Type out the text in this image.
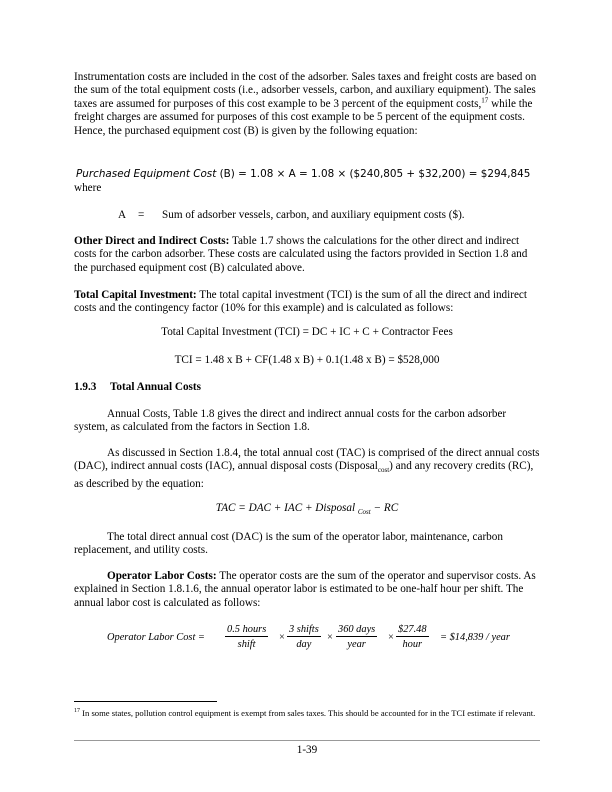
Instrumentation costs are included in the cost of the adsorber. Sales taxes and freight costs are based on the sum of the total equipment costs (i.e., adsorber vessels, carbon, and auxiliary equipment). The sales taxes are assumed for purposes of this cost example to be 3 percent of the equipment costs,$^{17}$ while the freight charges are assumed for purposes of this cost example to be 5 percent of the equipment costs. Hence, the purchased equipment cost (B) is given by the following equation:

Purchased Equipment Cost (B) = 1.08 × A = 1.08 × ($240,805 + $32,200) = $294,845
where
A = Sum of adsorber vessels, carbon, and auxiliary equipment costs ($).

Other Direct and Indirect Costs: Table 1.7 shows the calculations for the other direct and indirect costs for the carbon adsorber. These costs are calculated using the factors provided in Section 1.8 and the purchased equipment cost (B) calculated above.

Total Capital Investment: The total capital investment (TCI) is the sum of all the direct and indirect costs and the contingency factor (10% for this example) and is calculated as follows:

Total Capital Investment (TCI) = DC + IC + C + Contractor Fees

TCI = 1.48 x B + CF(1.48 x B) + 0.1(1.48 x B) = $528,000

1.9.3 Total Annual Costs

Annual Costs, Table 1.8 gives the direct and indirect annual costs for the carbon adsorber system, as calculated from the factors in Section 1.8.

As discussed in Section 1.8.4, the total annual cost (TAC) is comprised of the direct annual costs (DAC), indirect annual costs (IAC), annual disposal costs (Disposal$_{cost}$) and any recovery credits (RC), as described by the equation:

TAC = DAC + IAC + Disposal $_{Cost}$ − RC

The total direct annual cost (DAC) is the sum of the operator labor, maintenance, carbon replacement, and utility costs.

Operator Labor Costs: The operator costs are the sum of the operator and supervisor costs. As explained in Section 1.8.1.6, the annual operator labor is estimated to be one-half hour per shift. The annual labor cost is calculated as follows:

Operator Labor Cost =
0.5 hours
shift
×
3 shifts
day
×
360 days
year
×
$27.48
hour
= $14,839 / year
$^{17}$ In some states, pollution control equipment is exempt from sales taxes. This should be accounted for in the TCI estimate if relevant.
1-39
